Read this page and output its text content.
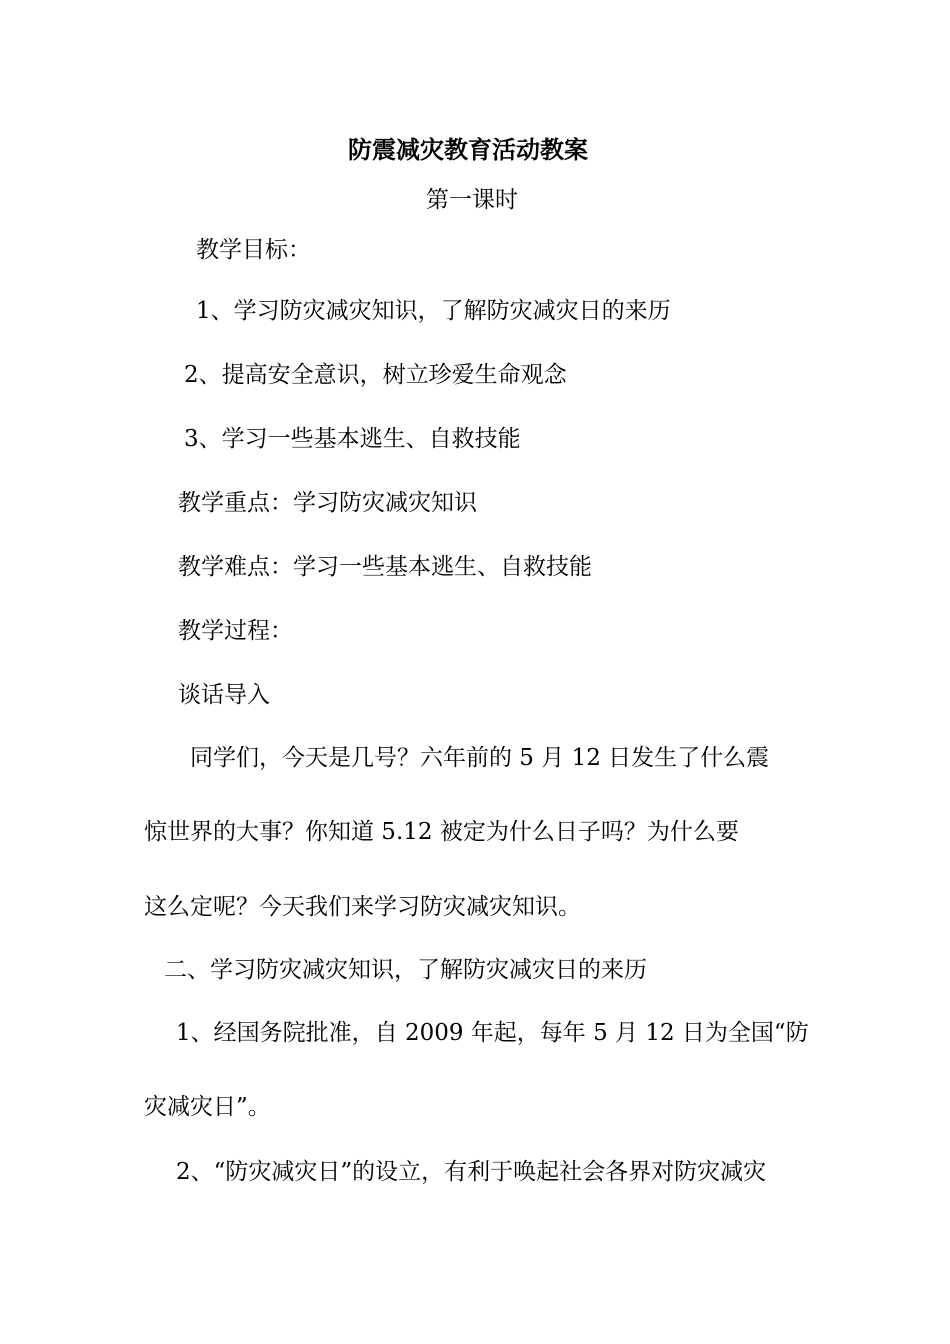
防震减灾教育活动教案
第一课时
教学目标：
1、学习防灾减灾知识，了解防灾减灾日的来历
2、提高安全意识，树立珍爱生命观念
3、学习一些基本逃生、自救技能
教学重点：学习防灾减灾知识
教学难点：学习一些基本逃生、自救技能
教学过程：
谈话导入
同学们，今天是几号？六年前的 5 月 12 日发生了什么震
惊世界的大事？你知道 5.12 被定为什么日子吗？为什么要
这么定呢？今天我们来学习防灾减灾知识。
二、学习防灾减灾知识，了解防灾减灾日的来历
1、经国务院批准，自 2009 年起，每年 5 月 12 日为全国“防
灾减灾日”。
2、“防灾减灾日”的设立，有利于唤起社会各界对防灾减灾
